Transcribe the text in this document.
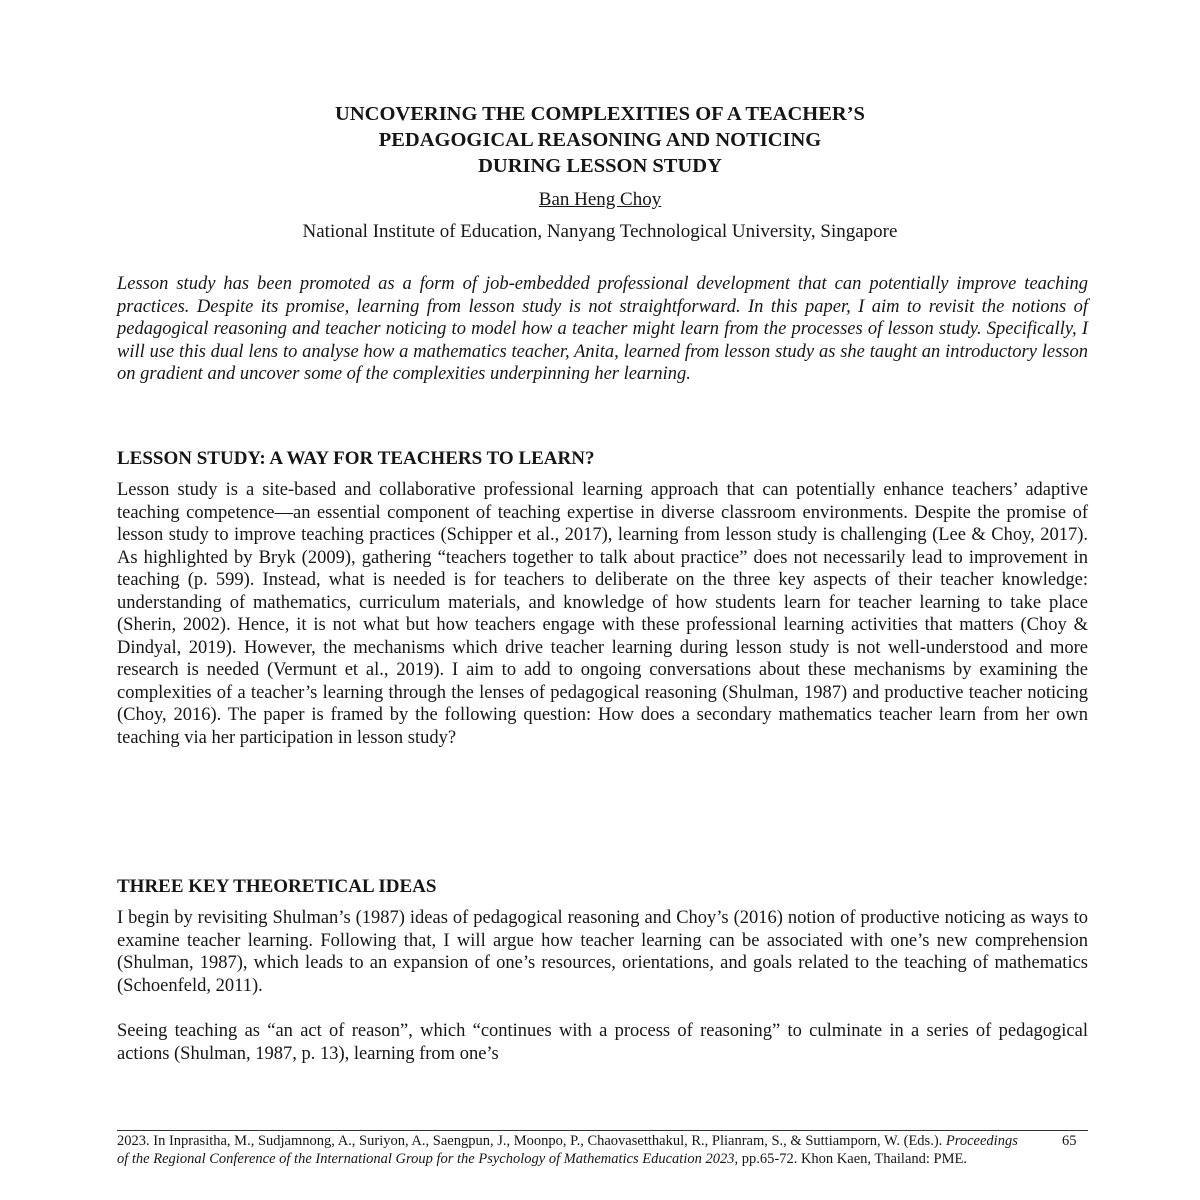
UNCOVERING THE COMPLEXITIES OF A TEACHER’S
PEDAGOGICAL REASONING AND NOTICING
DURING LESSON STUDY
Ban Heng Choy
National Institute of Education, Nanyang Technological University, Singapore

Lesson study has been promoted as a form of job-embedded professional development that can potentially improve teaching practices. Despite its promise, learning from lesson study is not straightforward. In this paper, I aim to revisit the notions of pedagogical reasoning and teacher noticing to model how a teacher might learn from the processes of lesson study. Specifically, I will use this dual lens to analyse how a mathematics teacher, Anita, learned from lesson study as she taught an introductory lesson on gradient and uncover some of the complexities underpinning her learning.

LESSON STUDY: A WAY FOR TEACHERS TO LEARN?

Lesson study is a site-based and collaborative professional learning approach that can potentially enhance teachers’ adaptive teaching competence—an essential component of teaching expertise in diverse classroom environments. Despite the promise of lesson study to improve teaching practices (Schipper et al., 2017), learning from lesson study is challenging (Lee & Choy, 2017). As highlighted by Bryk (2009), gathering “teachers together to talk about practice” does not necessarily lead to improvement in teaching (p. 599). Instead, what is needed is for teachers to deliberate on the three key aspects of their teacher knowledge: understanding of mathematics, curriculum materials, and knowledge of how students learn for teacher learning to take place (Sherin, 2002). Hence, it is not what but how teachers engage with these professional learning activities that matters (Choy & Dindyal, 2019). However, the mechanisms which drive teacher learning during lesson study is not well-understood and more research is needed (Vermunt et al., 2019). I aim to add to ongoing conversations about these mechanisms by examining the complexities of a teacher’s learning through the lenses of pedagogical reasoning (Shulman, 1987) and productive teacher noticing (Choy, 2016). The paper is framed by the following question: How does a secondary mathematics teacher learn from her own teaching via her participation in lesson study?

THREE KEY THEORETICAL IDEAS

I begin by revisiting Shulman’s (1987) ideas of pedagogical reasoning and Choy’s (2016) notion of productive noticing as ways to examine teacher learning. Following that, I will argue how teacher learning can be associated with one’s new comprehension (Shulman, 1987), which leads to an expansion of one’s resources, orientations, and goals related to the teaching of mathematics (Schoenfeld, 2011).

Seeing teaching as “an act of reason”, which “continues with a process of reasoning” to culminate in a series of pedagogical actions (Shulman, 1987, p. 13), learning from one’s

2023. In Inprasitha, M., Sudjamnong, A., Suriyon, A., Saengpun, J., Moonpo, P., Chaovasetthakul, R., Plianram, S., & Suttiamporn, W. (Eds.). Proceedings of the Regional Conference of the International Group for the Psychology of Mathematics Education 2023, pp.65-72. Khon Kaen, Thailand: PME.
65
